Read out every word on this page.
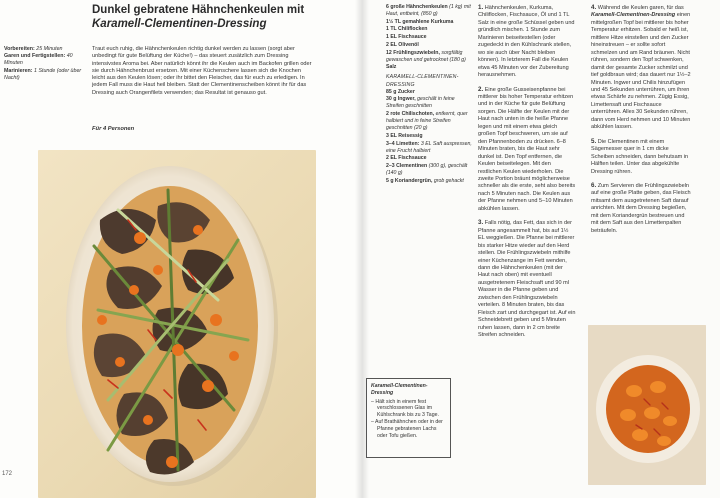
Dunkel gebratene Hähnchenkeulen mit
Karamell-Clementinen-Dressing
Vorbereiten: 25 Minuten
Garen und Fertigstellen: 40 Minuten
Marinieren: 1 Stunde (oder über Nacht)
Traut euch ruhig, die Hähnchenkeulen richtig dunkel werden zu lassen (sorgt aber unbedingt für gute Belüftung der Küche!) – das steuert zusätzlich zum Dressing intensivstes Aroma bei. Aber natürlich könnt ihr die Keulen auch im Backofen grillen oder sie durch Hähnchenbrust ersetzen. Mit einer Küchenschere lassen sich die Knochen leicht aus den Keulen lösen; oder ihr bittet den Fleischer, das für euch zu erledigen. In jedem Fall muss die Haut heil bleiben. Statt der Clementinenscheiben könnt ihr für das Dressing auch Orangenfilets verwenden; das Resultat ist genauso gut.
Für 4 Personen
172
6 große Hähnchenkeulen (1 kg) mit Haut, entbeint, (850 g)
1½ TL gemahlene Kurkuma
1 TL Chiliflocken
1 EL Fischsauce
2 EL Olivenöl
12 Frühlingszwiebeln, sorgfältig gewaschen und getrocknet (180 g)
Salz
KARAMELL-CLEMENTINEN-DRESSING
85 g Zucker
30 g Ingwer, geschält in feine Streifen geschnitten
2 rote Chilischoten, entkernt, quer halbiert und in feine Streifen geschnitten (20 g)
3 EL Reisessig
3–4 Limetten: 3 EL Saft auspressen, eine Frucht halbiert
2 EL Fischsauce
2–3 Clementinen (300 g), geschält (140 g)
5 g Koriandergrün, grob gehackt
1. Hähnchenkeulen, Kurkuma, Chiliflocken, Fischsauce, Öl und 1 TL Salz in eine große Schüssel geben und gründlich mischen. 1 Stunde zum Marinieren beiseitestellen (oder zugedeckt in den Kühlschrank stellen, wo sie auch über Nacht bleiben können). In letzterem Fall die Keulen etwa 45 Minuten vor der Zubereitung herausnehmen.
2. Eine große Gusseisenpfanne bei mittlerer bis hoher Temperatur erhitzen und in der Küche für gute Belüftung sorgen. Die Hälfte der Keulen mit der Haut nach unten in die heiße Pfanne legen und mit einem etwa gleich großen Topf beschweren, um sie auf den Pfannenboden zu drücken. 6–8 Minuten braten, bis die Haut sehr dunkel ist. Den Topf entfernen, die Keulen beiseitelegen. Mit den restlichen Keulen wiederholen. Die zweite Portion bräunt möglicherweise schneller als die erste, seht also bereits nach 5 Minuten nach. Die Keulen aus der Pfanne nehmen und 5–10 Minuten abkühlen lassen.
3. Falls nötig, das Fett, das sich in der Pfanne angesammelt hat, bis auf 1½ EL weggießen. Die Pfanne bei mittlerer bis starker Hitze wieder auf den Herd stellen. Die Frühlingszwiebeln mithilfe einer Küchenzange im Fett wenden, dann die Hähnchenkeulen (mit der Haut nach oben) mit eventuell ausgetretenem Fleischsaft und 90 ml Wasser in die Pfanne geben und zwischen den Frühlingszwiebeln verteilen. 8 Minuten braten, bis das Fleisch zart und durchgegart ist. Auf ein Schneidebrett geben und 5 Minuten ruhen lassen, dann in 2 cm breite Streifen schneiden.
4. Während die Keulen garen, für das Karamell-Clementinen-Dressing einen mittelgroßen Topf bei mittlerer bis hoher Temperatur erhitzen. Sobald er heiß ist, mittlere Hitze einstellen und den Zucker hineinstreuen – er sollte sofort schmelzen und am Rand bräunen. Nicht rühren, sondern den Topf schwenken, damit der gesamte Zucker schmilzt und tief goldbraun wird; das dauert nur 1½–2 Minuten. Ingwer und Chilis hinzufügen und 45 Sekunden unterrühren, um ihren etwas Schärfe zu nehmen. Zügig Essig, Limettensaft und Fischsauce unterrühren. Alles 30 Sekunden rühren, dann vom Herd nehmen und 10 Minuten abkühlen lassen.
5. Die Clementinen mit einem Sägemesser quer in 1 cm dicke Scheiben schneiden, dann behutsam in Hälften teilen. Unter das abgekühlte Dressing rühren.
6. Zum Servieren die Frühlingszwiebeln auf eine große Platte geben, das Fleisch mitsamt dem ausgetretenen Saft darauf anrichten. Mit dem Dressing begießen, mit dem Koriandergrün bestreuen und mit dem Saft aus den Limettenpalten beträufeln.
Karamell-Clementinen-Dressing
– Hält sich in einem fest verschlossenen Glas im Kühlschrank bis zu 3 Tage.
– Auf Brathähnchen oder in der Pfanne gebratenen Lachs oder Tofu gießen.
